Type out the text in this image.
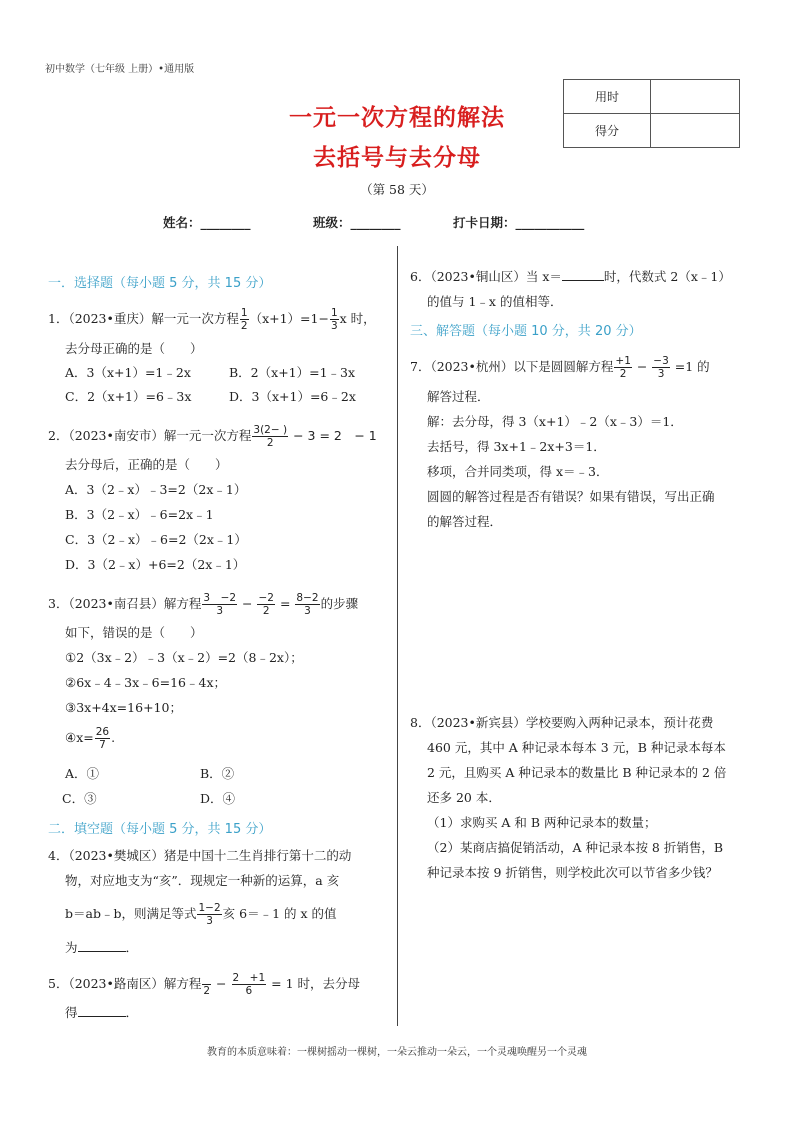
初中数学（七年级 上册）•通用版
一元一次方程的解法
去括号与去分母
（第 58 天）
用时	
得分	
姓名：________	班级：________	打卡日期：___________
一．选择题（每小题 5 分，共 15 分）
1．（2023•重庆）解一元一次方程 $\frac{1}{2} (x+1)=1- \frac{1}{3}$ x 时，
去分母正确的是（　　）
A．3（x+1）=1﹣2x	B．2（x+1）=1﹣3x
C．2（x+1）=6﹣3x	D．3（x+1）=6﹣2x
2．（2023•南安市）解一元一次方程 $\frac{3(2- )}{2} - 3 = 2$　− 1
去分母后，正确的是（　　）
A．3（2﹣x）﹣3=2（2x﹣1）
B．3（2﹣x）﹣6=2x﹣1
C．3（2﹣x）﹣6=2（2x﹣1）
D．3（2﹣x）+6=2（2x﹣1）
3．（2023•南召县）解方程 $\frac{3 -2}{3} - \frac{-2}{2} = \frac{8-2}{3}$ 的步骤
如下，错误的是（　　）
①2（3x﹣2）﹣3（x﹣2）=2（8﹣2x）；
②6x﹣4﹣3x﹣6=16﹣4x；
③3x+4x=16+10；
④x= $\frac{26}{7}$ .
A．①	B．②
C．③	D．④
二．填空题（每小题 5 分，共 15 分）
4．（2023•樊城区）猪是中国十二生肖排行第十二的动
物，对应地支为“亥”．现规定一种新的运算，a 亥
b＝ab﹣b，则满足等式 $\frac{1-2}{3}$ 亥 6＝﹣1 的 x 的值
为	．
5．（2023•路南区）解方程
$2 - \frac{2 +1}{6} = 1$ 时，去分母
得	．
6．（2023•铜山区）当 x＝	时，代数式 2（x﹣1）
的值与 1﹣x 的值相等．
三、解答题（每小题 10 分，共 20 分）
7．（2023•杭州）以下是圆圆解方程 $\frac{+1}{2} - \frac{-3}{3} =1$ 的
解答过程．
解：去分母，得 3（x+1）﹣2（x﹣3）＝1．
去括号，得 3x+1﹣2x+3＝1．
移项，合并同类项，得 x＝﹣3．
圆圆的解答过程是否有错误？如果有错误，写出正确
的解答过程．
8．（2023•新宾县）学校要购入两种记录本，预计花费
460 元，其中 A 种记录本每本 3 元，B 种记录本每本
2 元，且购买 A 种记录本的数量比 B 种记录本的 2 倍
还多 20 本．
（1）求购买 A 和 B 两种记录本的数量；
（2）某商店搞促销活动，A 种记录本按 8 折销售，B
种记录本按 9 折销售，则学校此次可以节省多少钱？
教育的本质意味着：一棵树摇动一棵树，一朵云推动一朵云，一个灵魂唤醒另一个灵魂
